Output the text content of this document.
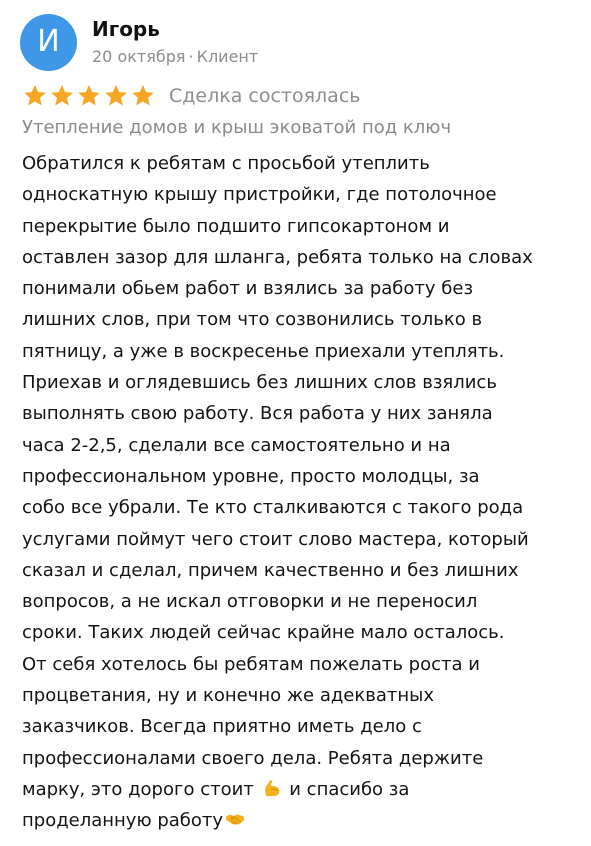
И Игорь
20 октября · Клиент
Сделка состоялась
Утепление домов и крыш эковатой под ключ
Обратился к ребятам с просьбой утеплить
односкатную крышу пристройки, где потолочное
перекрытие было подшито гипсокартоном и
оставлен зазор для шланга, ребята только на словах
понимали обьем работ и взялись за работу без
лишних слов, при том что созвонились только в
пятницу, а уже в воскресенье приехали утеплять.
Приехав и оглядевшись без лишних слов взялись
выполнять свою работу. Вся работа у них заняла
часа 2-2,5, сделали все самостоятельно и на
профессиональном уровне, просто молодцы, за
собо все убрали. Те кто сталкиваются с такого рода
услугами поймут чего стоит слово мастера, который
сказал и сделал, причем качественно и без лишних
вопросов, а не искал отговорки и не переносил
сроки. Таких людей сейчас крайне мало осталось.
От себя хотелось бы ребятам пожелать роста и
процветания, ну и конечно же адекватных
заказчиков. Всегда приятно иметь дело с
профессионалами своего дела. Ребята держите
марку, это дорого стоит и спасибо за
проделанную работу
